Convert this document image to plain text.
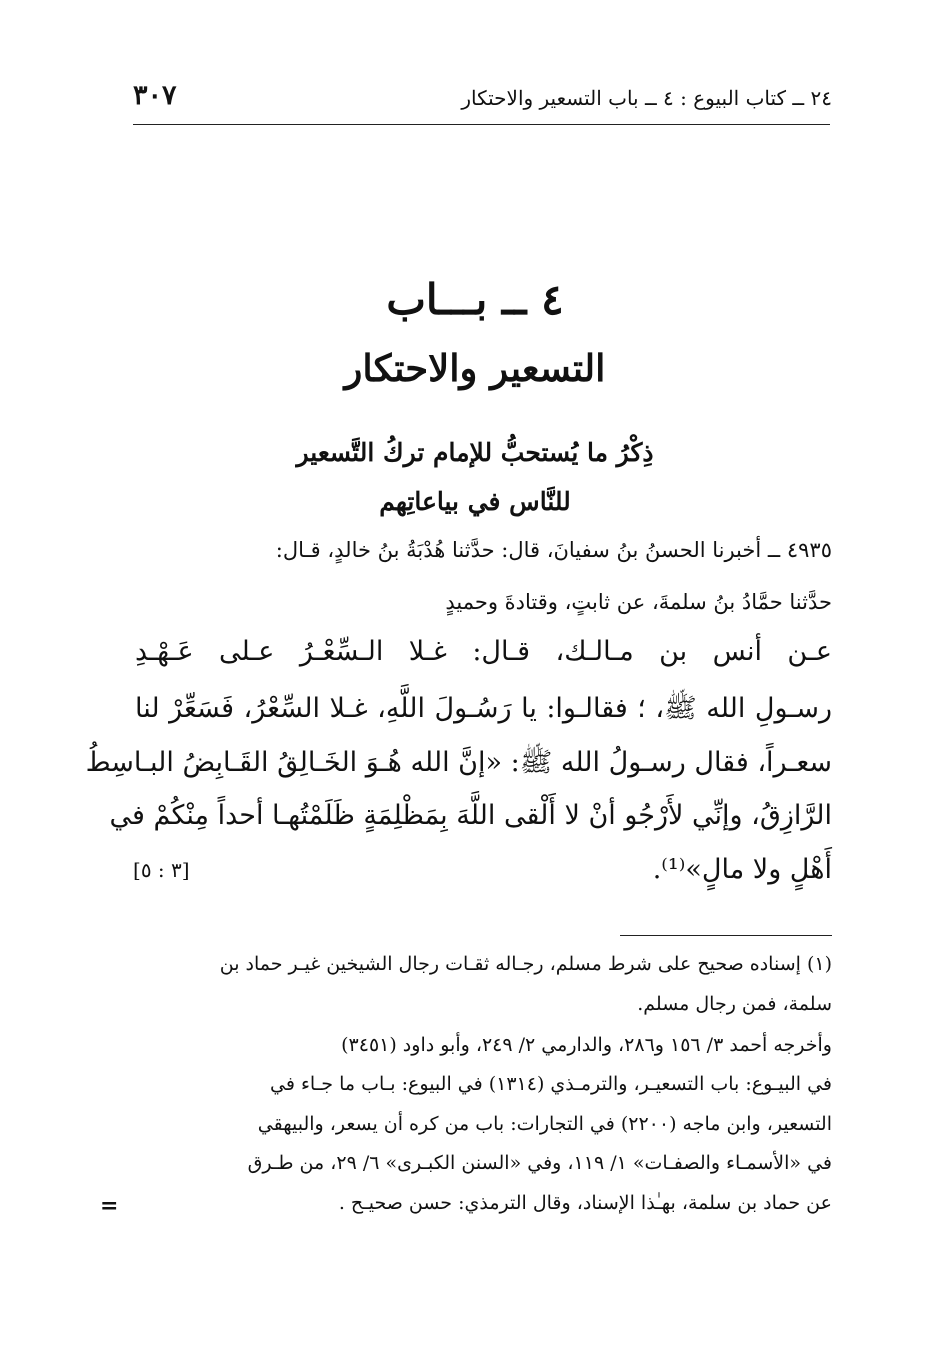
٢٤ ــ كتاب البيوع : ٤ ــ باب التسعير والاحتكار
٣٠٧
٤ ــ بـــاب
التسعير والاحتكار
ذِكْرُ ما يُستحبُّ للإمام تركُ التَّسعير
للنَّاس في بياعاتِهم
٤٩٣٥ ــ أخبرنا الحسنُ بنُ سفيانَ، قال: حدَّثنا هُدْبَةُ بنُ خالدٍ، قـال:
حدَّثنا حمَّادُ بنُ سلمةَ، عن ثابتٍ، وقتادةَ وحميدٍ
عـن أنس بن مـالـك، قـال: غـلا الـسِّعْـرُ عـلى عَـهْـدِ
رسـولِ الله ﷺ، ؛ فقالـوا: يا رَسُـولَ اللَّهِ، غـلا السِّعْرُ، فَسَعِّرْ لنا
سعـراً، فقال رسـولُ الله ﷺ: «إنَّ الله هُـوَ الخَـالِقُ القَـابِضُ البـاسِطُ
الرَّازِقُ، وإنِّي لأَرْجُو أنْ لا أَلْقى اللَّهَ بِمَظْلِمَةٍ ظَلَمْتُهـا أحداً مِنْكُمْ في
أَهْلٍ ولا مالٍ»⁽¹⁾.
[٣ : ٥]
(١) إسناده صحيح على شرط مسلم، رجـاله ثقـات رجال الشيخين غيـر حماد بن
سلمة، فمن رجال مسلم.
وأخرجه أحمد ٣/ ١٥٦ و٢٨٦، والدارمي ٢/ ٢٤٩، وأبو داود (٣٤٥١)
في البيـوع: باب التسعيـر، والترمـذي (١٣١٤) في البيوع: بـاب ما جـاء في
التسعير، وابن ماجه (٢٢٠٠) في التجارات: باب من كره أن يسعر، والبيهقي
في «الأسمـاء والصفـات» ١/ ١١٩، وفي «السنن الكبـرى» ٦/ ٢٩، من طـرق
عن حماد بن سلمة، بهـٰذا الإسناد، وقال الترمذي: حسن صحيـح .
=
